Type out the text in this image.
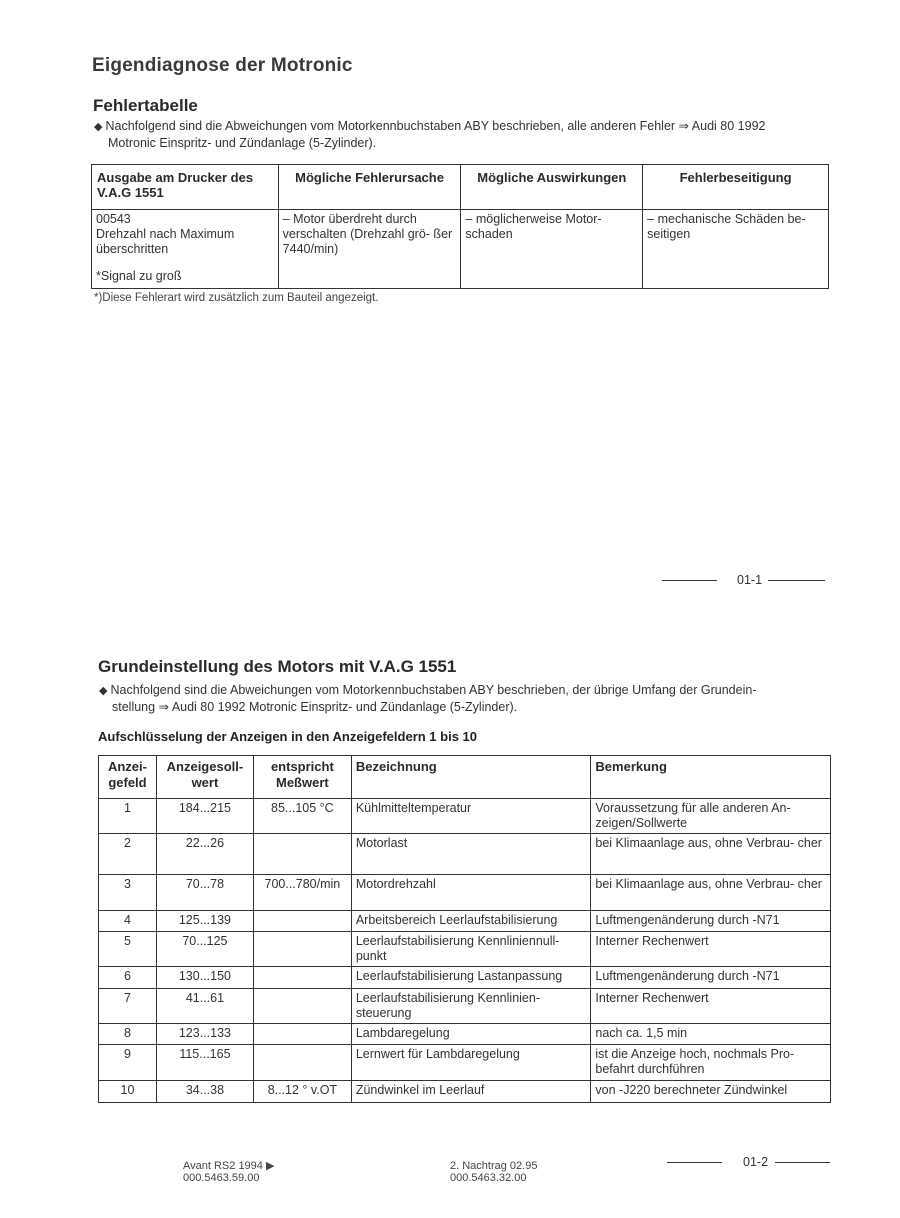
Eigendiagnose der Motronic
Fehlertabelle
◆ Nachfolgend sind die Abweichungen vom Motorkennbuchstaben ABY beschrieben, alle anderen Fehler ⇒ Audi 80 1992
Motronic Einspritz- und Zündanlage (5-Zylinder).
Ausgabe am Drucker des V.A.G 1551	Mögliche Fehlerursache	Mögliche Auswirkungen	Fehlerbeseitigung

00543
Drehzahl nach Maximum überschritten
*Signal zu groß	– Motor überdreht durch verschalten (Drehzahl grö- ßer 7440/min)	– möglicherweise Motor- schaden	– mechanische Schäden be- seitigen
*)Diese Fehlerart wird zusätzlich zum Bauteil angezeigt.
01-1
Grundeinstellung des Motors mit V.A.G 1551
◆ Nachfolgend sind die Abweichungen vom Motorkennbuchstaben ABY beschrieben, der übrige Umfang der Grundein-
stellung ⇒ Audi 80 1992 Motronic Einspritz- und Zündanlage (5-Zylinder).
Aufschlüsselung der Anzeigen in den Anzeigefeldern 1 bis 10
Anzei- gefeld	Anzeigesoll- wert	entspricht Meßwert	Bezeichnung	Bemerkung
1	184...215	85...105 °C	Kühlmitteltemperatur	Voraussetzung für alle anderen An- zeigen/Sollwerte
2	22...26		Motorlast	bei Klimaanlage aus, ohne Verbrau- cher
3	70...78	700...780/min	Motordrehzahl	bei Klimaanlage aus, ohne Verbrau- cher
4	125...139		Arbeitsbereich Leerlaufstabilisierung	Luftmengenänderung durch -N71
5	70...125		Leerlaufstabilisierung Kennliniennull- punkt	Interner Rechenwert
6	130...150		Leerlaufstabilisierung Lastanpassung	Luftmengenänderung durch -N71
7	41...61		Leerlaufstabilisierung Kennlinien- steuerung	Interner Rechenwert
8	123...133		Lambdaregelung	nach ca. 1,5 min
9	115...165		Lernwert für Lambdaregelung	ist die Anzeige hoch, nochmals Pro- befahrt durchführen
10	34...38	8...12 ° v.OT	Zündwinkel im Leerlauf	von -J220 berechneter Zündwinkel
Avant RS2 1994 ▶
000.5463.59.00
2. Nachtrag 02.95
000.5463.32.00
01-2
